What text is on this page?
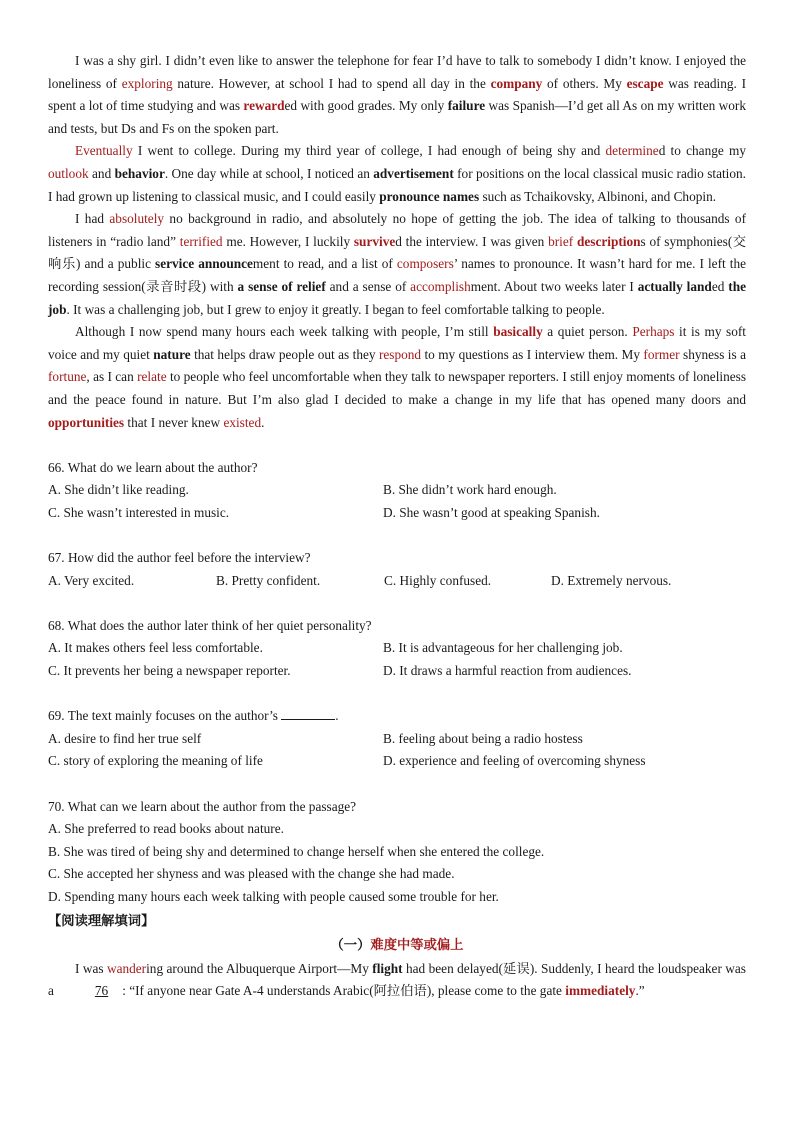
I was a shy girl. I didn’t even like to answer the telephone for fear I’d have to talk to somebody I didn’t know. I enjoyed the loneliness of exploring nature. However, at school I had to spend all day in the company of others. My escape was reading. I spent a lot of time studying and was rewarded with good grades. My only failure was Spanish—I’d get all As on my written work and tests, but Ds and Fs on the spoken part.

Eventually I went to college. During my third year of college, I had enough of being shy and determined to change my outlook and behavior. One day while at school, I noticed an advertisement for positions on the local classical music radio station. I had grown up listening to classical music, and I could easily pronounce names such as Tchaikovsky, Albinoni, and Chopin.

I had absolutely no background in radio, and absolutely no hope of getting the job. The idea of talking to thousands of listeners in “radio land” terrified me. However, I luckily survived the interview. I was given brief descriptions of symphonies(交响乐) and a public service announcement to read, and a list of composers’ names to pronounce. It wasn’t hard for me. I left the recording session(录音时段) with a sense of relief and a sense of accomplishment. About two weeks later I actually landed the job. It was a challenging job, but I grew to enjoy it greatly. I began to feel comfortable talking to people.

Although I now spend many hours each week talking with people, I’m still basically a quiet person. Perhaps it is my soft voice and my quiet nature that helps draw people out as they respond to my questions as I interview them. My former shyness is a fortune, as I can relate to people who feel uncomfortable when they talk to newspaper reporters. I still enjoy moments of loneliness and the peace found in nature. But I’m also glad I decided to make a change in my life that has opened many doors and opportunities that I never knew existed.

66. What do we learn about the author?

A. She didn’t like reading.	B. She didn’t work hard enough.
C. She wasn’t interested in music.	D. She wasn’t good at speaking Spanish.

67. How did the author feel before the interview?

A. Very excited.	B. Pretty confident.	C. Highly confused.	D. Extremely nervous.

68. What does the author later think of her quiet personality?

A. It makes others feel less comfortable.	B. It is advantageous for her challenging job.
C. It prevents her being a newspaper reporter.	D. It draws a harmful reaction from audiences.

69. The text mainly focuses on the author’s	.

A. desire to find her true self	B. feeling about being a radio hostess
C. story of exploring the meaning of life	D. experience and feeling of overcoming shyness

70. What can we learn about the author from the passage?

A. She preferred to read books about nature.
B. She was tired of being shy and determined to change herself when she entered the college.
C. She accepted her shyness and was pleased with the change she had made.
D. Spending many hours each week talking with people caused some trouble for her.
【阅读理解填词】
（一）难度中等或偏上

I was wandering around the Albuquerque Airport—My flight had been delayed(延误). Suddenly, I heard the loudspeaker was a	76 : “If anyone near Gate A-4 understands Arabic(阿拉伯语), please come to the gate immediately.”
